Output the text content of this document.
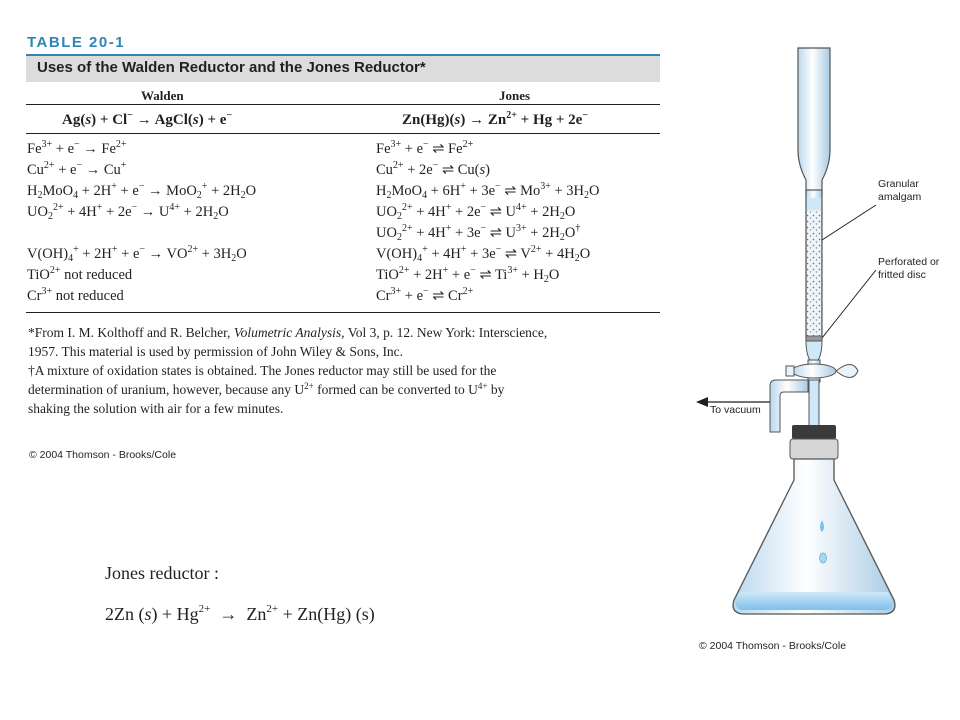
TABLE 20-1
Uses of the Walden Reductor and the Jones Reductor*
Walden	Jones
Ag(s) + Cl− → AgCl(s) + e−	$Zn(Hg)(s) \to Zn^{2+} + Hg + 2e^-$
$Fe^{3+} + e^- \to Fe^{2+}$
$Cu^{2+} + e^- \to Cu^+$
$H_2MoO_4 + 2H^+ + e^- \to MoO_2^+ + 2H_2O$
$UO_2^{2+} + 4H^+ + 2e^- \to U^{4+} + 2H_2O$
$V(OH)_4^+ + 2H^+ + e^- \to VO^{2+} + 3H_2O$
TiO$^{2+}$ not reduced
$Cr^{3+}$ not reduced
$Fe^{3+} + e^-$ ⇌ $Fe^{2+}$
$Cu^{2+} + 2e^-$ ⇌ Cu(s)
$H_2MoO_4 + 6H^+ + 3e^-$ ⇌ $Mo^{3+} + 3H_2O$
$UO_2^{2+} + 4H^+ + 2e^-$ ⇌ $U^{4+} + 2H_2O$
$UO_2^{2+} + 4H^+ + 3e^-$ ⇌ $U^{3+} + 2H_2O^\dagger$
$V(OH)_4^+ + 4H^+ + 3e^-$ ⇌ $V^{2+} + 4H_2O$
TiO$^{2+}$ + 2H+ + e− ⇌ $Ti^{3+} + H_2O$
$Cr^{3+} + e^-$ ⇌ $Cr^{2+}$
*From I. M. Kolthoff and R. Belcher, Volumetric Analysis, Vol 3, p. 12. New York: Interscience,
1957. This material is used by permission of John Wiley & Sons, Inc.
†A mixture of oxidation states is obtained. The Jones reductor may still be used for the
determination of uranium, however, because any $U^{2+}$ formed can be converted to $U^{4+}$ by
shaking the solution with air for a few minutes.
© 2004 Thomson - Brooks/Cole
Granular
amalgam
Perforated or
fritted disc
To vacuum
© 2004 Thomson - Brooks/Cole
Jones reductor :
2Zn $(s) + Hg^{2+} \to Zn^{2+} + Zn(Hg)$ (s)
